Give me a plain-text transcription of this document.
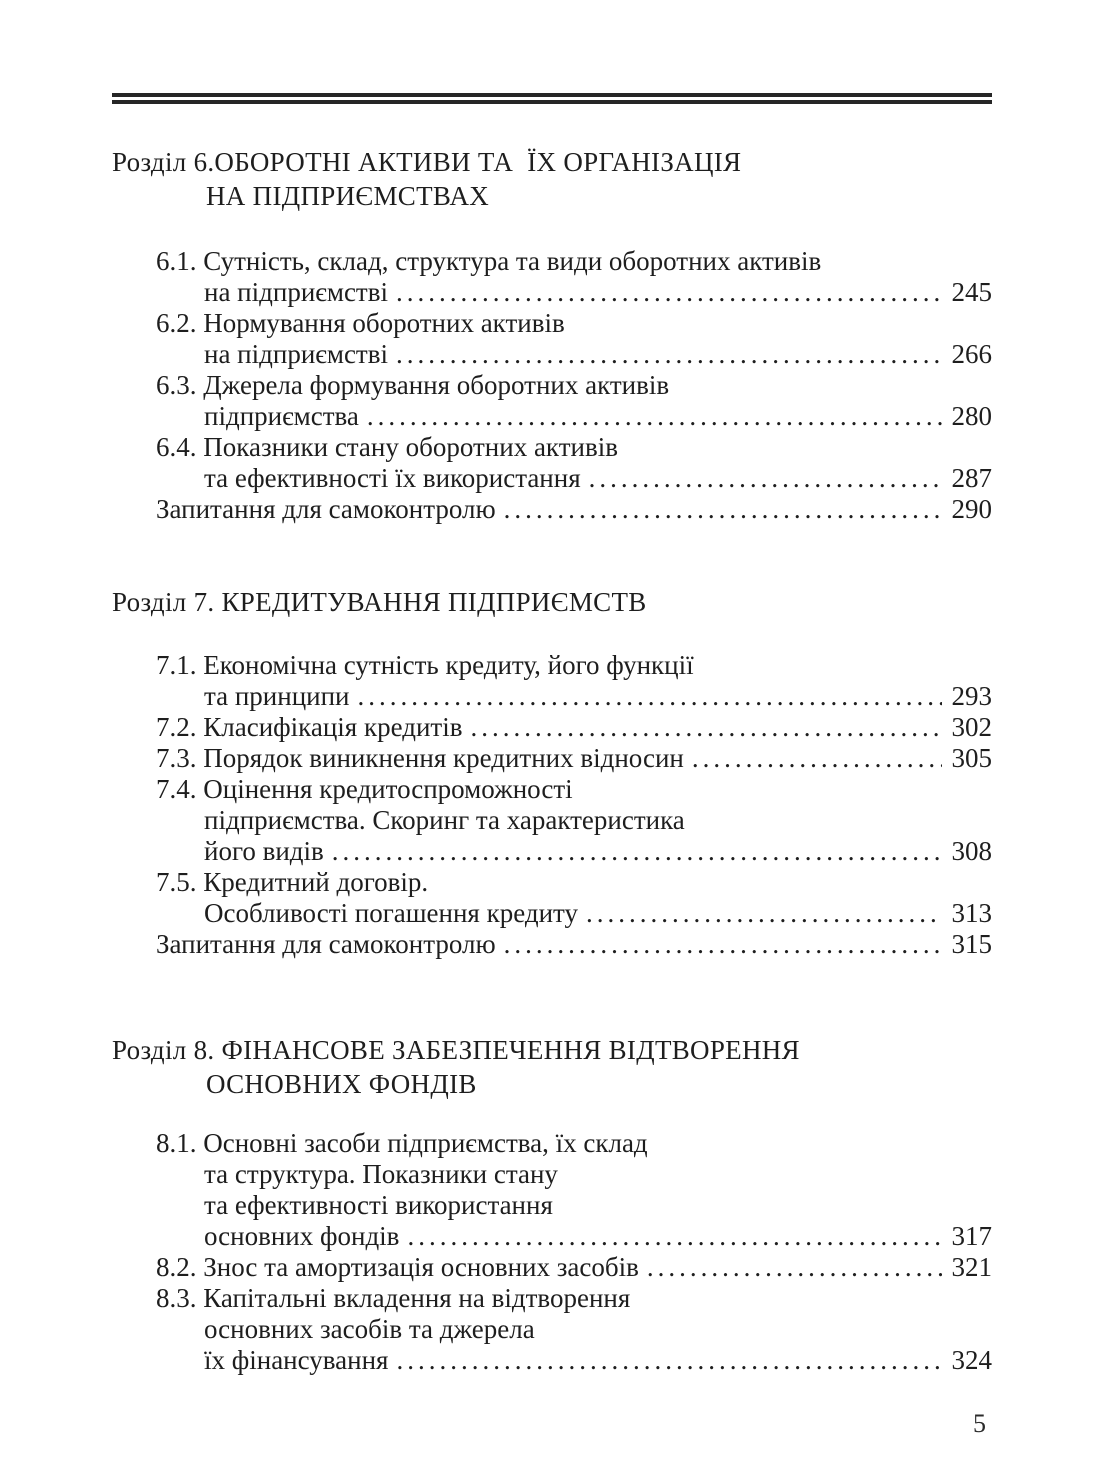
Розділ 6.ОБОРОТНІ АКТИВИ ТА  ЇХ ОРГАНІЗАЦІЯ
НА ПІДПРИЄМСТВАХ
6.1. Сутність, склад, структура та види оборотних активів
на підприємстві .....	245
6.2. Нормування оборотних активів
на підприємстві .....	266
6.3. Джерела формування оборотних активів
підприємства .....	280
6.4. Показники стану оборотних активів
та ефективності їх використання .....	287
Запитання для самоконтролю .....	290
Розділ 7. КРЕДИТУВАННЯ ПІДПРИЄМСТВ
7.1. Економічна сутність кредиту, його функції
та принципи .....	293
7.2. Класифікація кредитів .....	302
7.3. Порядок виникнення кредитних відносин .....	305
7.4. Оцінення кредитоспроможності
підприємства. Скоринг та характеристика
його видів .....	308
7.5. Кредитний договір.
Особливості погашення кредиту .....	313
Запитання для самоконтролю .....	315
Розділ 8. ФІНАНСОВЕ ЗАБЕЗПЕЧЕННЯ ВІДТВОРЕННЯ
ОСНОВНИХ ФОНДІВ
8.1. Основні засоби підприємства, їх склад
та структура. Показники стану
та ефективності використання
основних фондів .....	317
8.2. Знос та амортизація основних засобів .....	321
8.3. Капітальні вкладення на відтворення
основних засобів та джерела
їх фінансування .....	324
5
